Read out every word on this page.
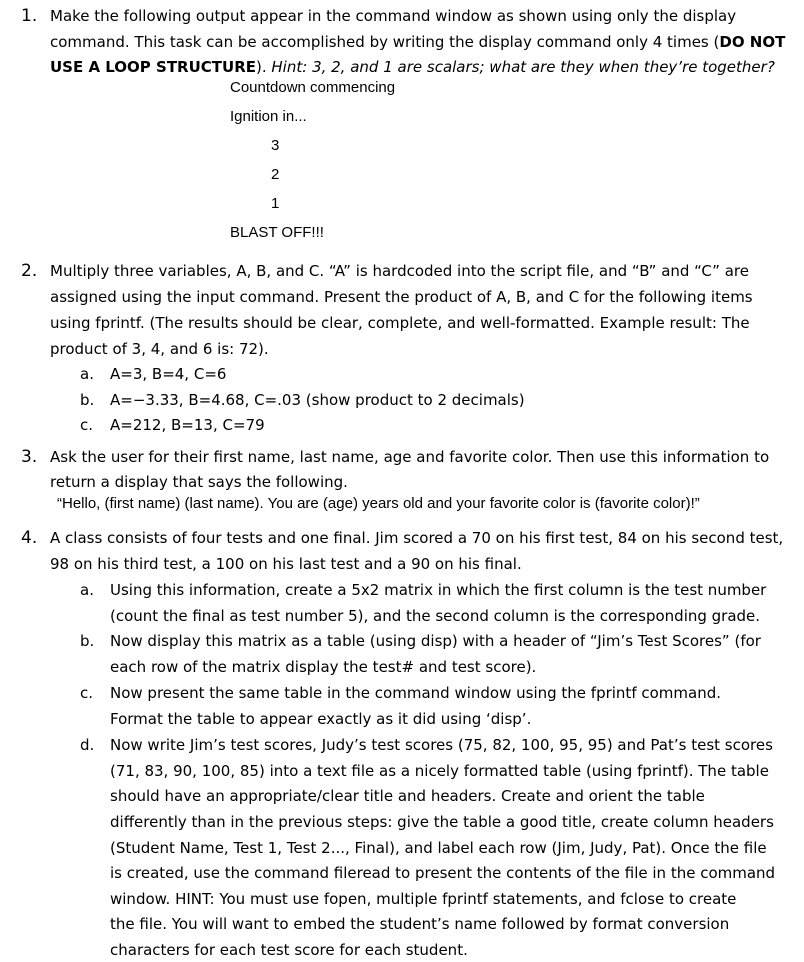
1. Make the following output appear in the command window as shown using only the display
command. This task can be accomplished by writing the display command only 4 times (DO NOT
USE A LOOP STRUCTURE). Hint: 3, 2, and 1 are scalars; what are they when they’re together?
Countdown commencing
Ignition in...
3
2
1
BLAST OFF!!!
2. Multiply three variables, A, B, and C. “A” is hardcoded into the script file, and “B” and “C” are
assigned using the input command. Present the product of A, B, and C for the following items
using fprintf. (The results should be clear, complete, and well-formatted. Example result: The
product of 3, 4, and 6 is: 72).
a. A=3, B=4, C=6
b. A=−3.33, B=4.68, C=.03 (show product to 2 decimals)
c. A=212, B=13, C=79
3. Ask the user for their first name, last name, age and favorite color. Then use this information to
return a display that says the following.
“Hello, (first name) (last name). You are (age) years old and your favorite color is (favorite color)!”
4. A class consists of four tests and one final. Jim scored a 70 on his first test, 84 on his second test,
98 on his third test, a 100 on his last test and a 90 on his final.
a. Using this information, create a 5x2 matrix in which the first column is the test number
(count the final as test number 5), and the second column is the corresponding grade.
b. Now display this matrix as a table (using disp) with a header of “Jim’s Test Scores” (for
each row of the matrix display the test# and test score).
c. Now present the same table in the command window using the fprintf command.
Format the table to appear exactly as it did using ‘disp’.
d. Now write Jim’s test scores, Judy’s test scores (75, 82, 100, 95, 95) and Pat’s test scores
(71, 83, 90, 100, 85) into a text file as a nicely formatted table (using fprintf). The table
should have an appropriate/clear title and headers. Create and orient the table
differently than in the previous steps: give the table a good title, create column headers
(Student Name, Test 1, Test 2..., Final), and label each row (Jim, Judy, Pat). Once the file
is created, use the command fileread to present the contents of the file in the command
window. HINT: You must use fopen, multiple fprintf statements, and fclose to create
the file. You will want to embed the student’s name followed by format conversion
characters for each test score for each student.
